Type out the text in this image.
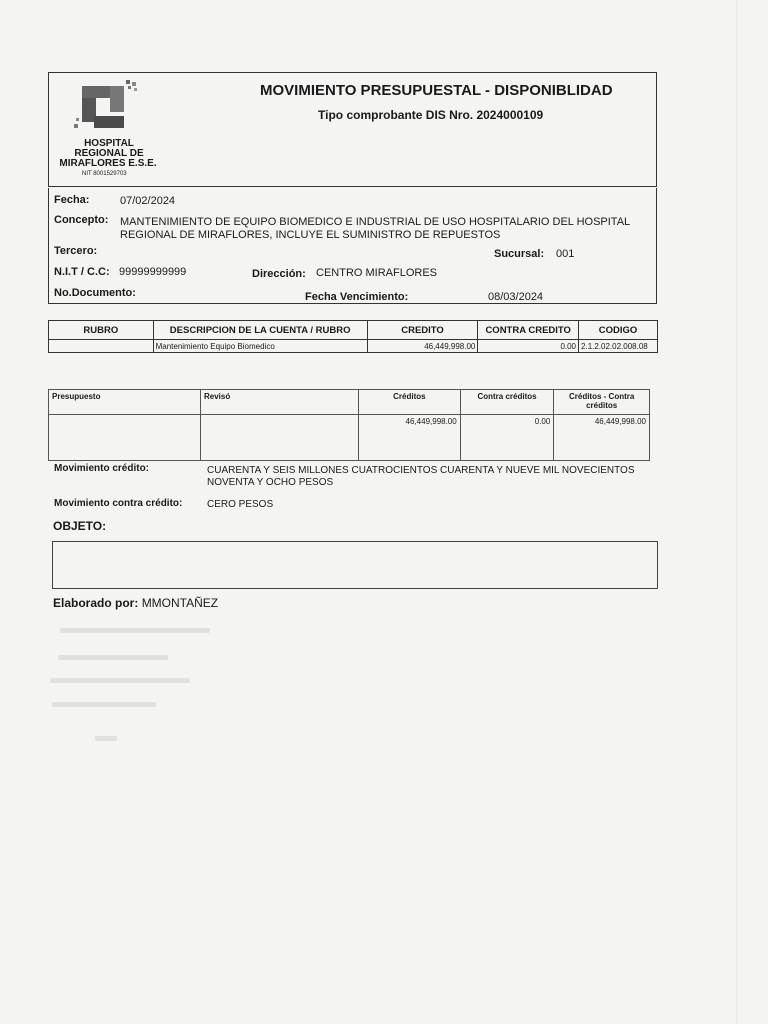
HOSPITAL
REGIONAL DE
MIRAFLORES E.S.E.
NIT 8001529703
MOVIMIENTO PRESUPUESTAL - DISPONIBLIDAD
Tipo comprobante DIS Nro. 2024000109
Fecha:	07/02/2024
Concepto: MANTENIMIENTO DE EQUIPO BIOMEDICO E INDUSTRIAL DE USO HOSPITALARIO DEL HOSPITAL REGIONAL DE MIRAFLORES, INCLUYE EL SUMINISTRO DE REPUESTOS
Tercero:	Sucursal: 001
N.I.T / C.C: 99999999999	Dirección: CENTRO MIRAFLORES
No.Documento:	Fecha Vencimiento:	08/03/2024
RUBRO	DESCRIPCION DE LA CUENTA / RUBRO	CREDITO	CONTRA CREDITO	CODIGO
	Mantenimiento Equipo Biomedico	46,449,998.00	0.00	2.1.2.02.02.008.08
Presupuesto	Revisó	Créditos	Contra créditos	Créditos - Contra créditos
		46,449,998.00	0.00	46,449,998.00
Movimiento crédito:	CUARENTA Y SEIS MILLONES CUATROCIENTOS CUARENTA Y NUEVE MIL NOVECIENTOS NOVENTA Y OCHO PESOS
Movimiento contra crédito: CERO PESOS
OBJETO:
Elaborado por: MMONTAÑEZ
